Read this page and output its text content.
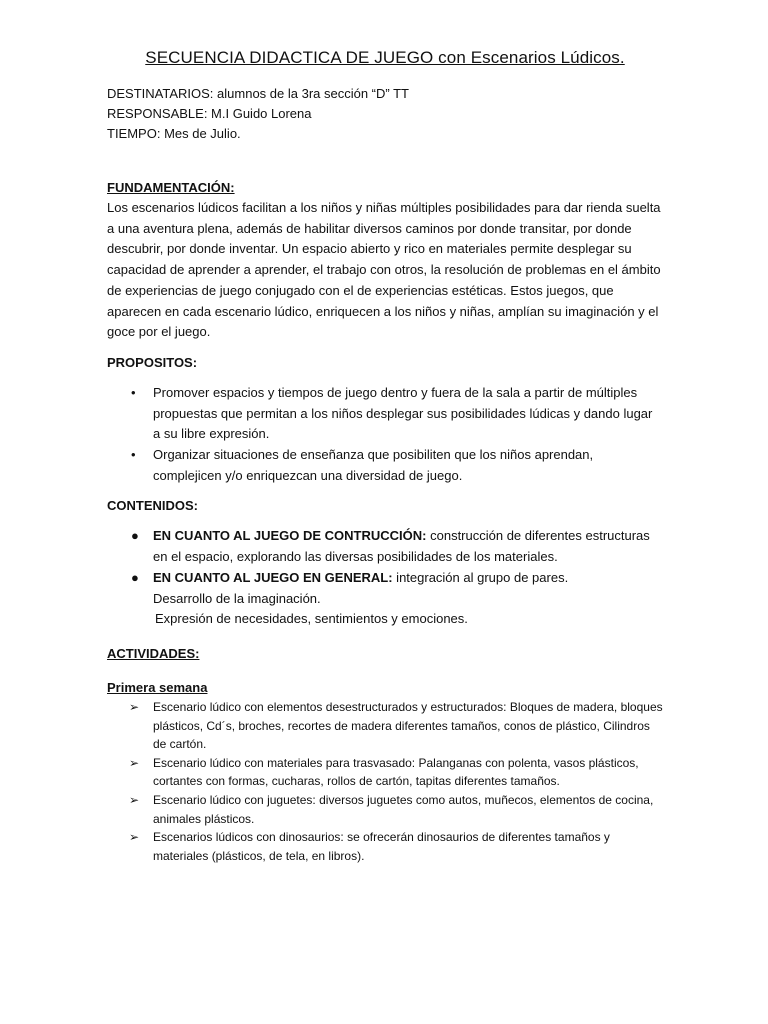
SECUENCIA DIDACTICA DE JUEGO con Escenarios Lúdicos.
DESTINATARIOS: alumnos de la 3ra sección “D” TT
RESPONSABLE: M.I Guido Lorena
TIEMPO: Mes de Julio.
FUNDAMENTACIÓN:

Los escenarios lúdicos facilitan a los niños y niñas múltiples posibilidades para dar rienda suelta a una aventura plena, además de habilitar diversos caminos por donde transitar, por donde descubrir, por donde inventar. Un espacio abierto y rico en materiales permite desplegar su capacidad de aprender a aprender, el trabajo con otros, la resolución de problemas en el ámbito de experiencias de juego conjugado con el de experiencias estéticas. Estos juegos, que aparecen en cada escenario lúdico, enriquecen a los niños y niñas, amplían su imaginación y el goce por el juego.

PROPOSITOS:
• Promover espacios y tiempos de juego dentro y fuera de la sala a partir de múltiples propuestas que permitan a los niños desplegar sus posibilidades lúdicas y dando lugar a su libre expresión.
• Organizar situaciones de enseñanza que posibiliten que los niños aprendan, complejicen y/o enriquezcan una diversidad de juego.
CONTENIDOS:
● EN CUANTO AL JUEGO DE CONTRUCCIÓN: construcción de diferentes estructuras en el espacio, explorando las diversas posibilidades de los materiales.
● EN CUANTO AL JUEGO EN GENERAL: integración al grupo de pares.
Desarrollo de la imaginación.
Expresión de necesidades, sentimientos y emociones.
ACTIVIDADES:
Primera semana
➢ Escenario lúdico con elementos desestructurados y estructurados: Bloques de madera, bloques plásticos, Cd´s, broches, recortes de madera diferentes tamaños, conos de plástico, Cilindros de cartón.
➢ Escenario lúdico con materiales para trasvasado: Palanganas con polenta, vasos plásticos, cortantes con formas, cucharas, rollos de cartón, tapitas diferentes tamaños.
➢ Escenario lúdico con juguetes: diversos juguetes como autos, muñecos, elementos de cocina, animales plásticos.
➢ Escenarios lúdicos con dinosaurios: se ofrecerán dinosaurios de diferentes tamaños y materiales (plásticos, de tela, en libros).
